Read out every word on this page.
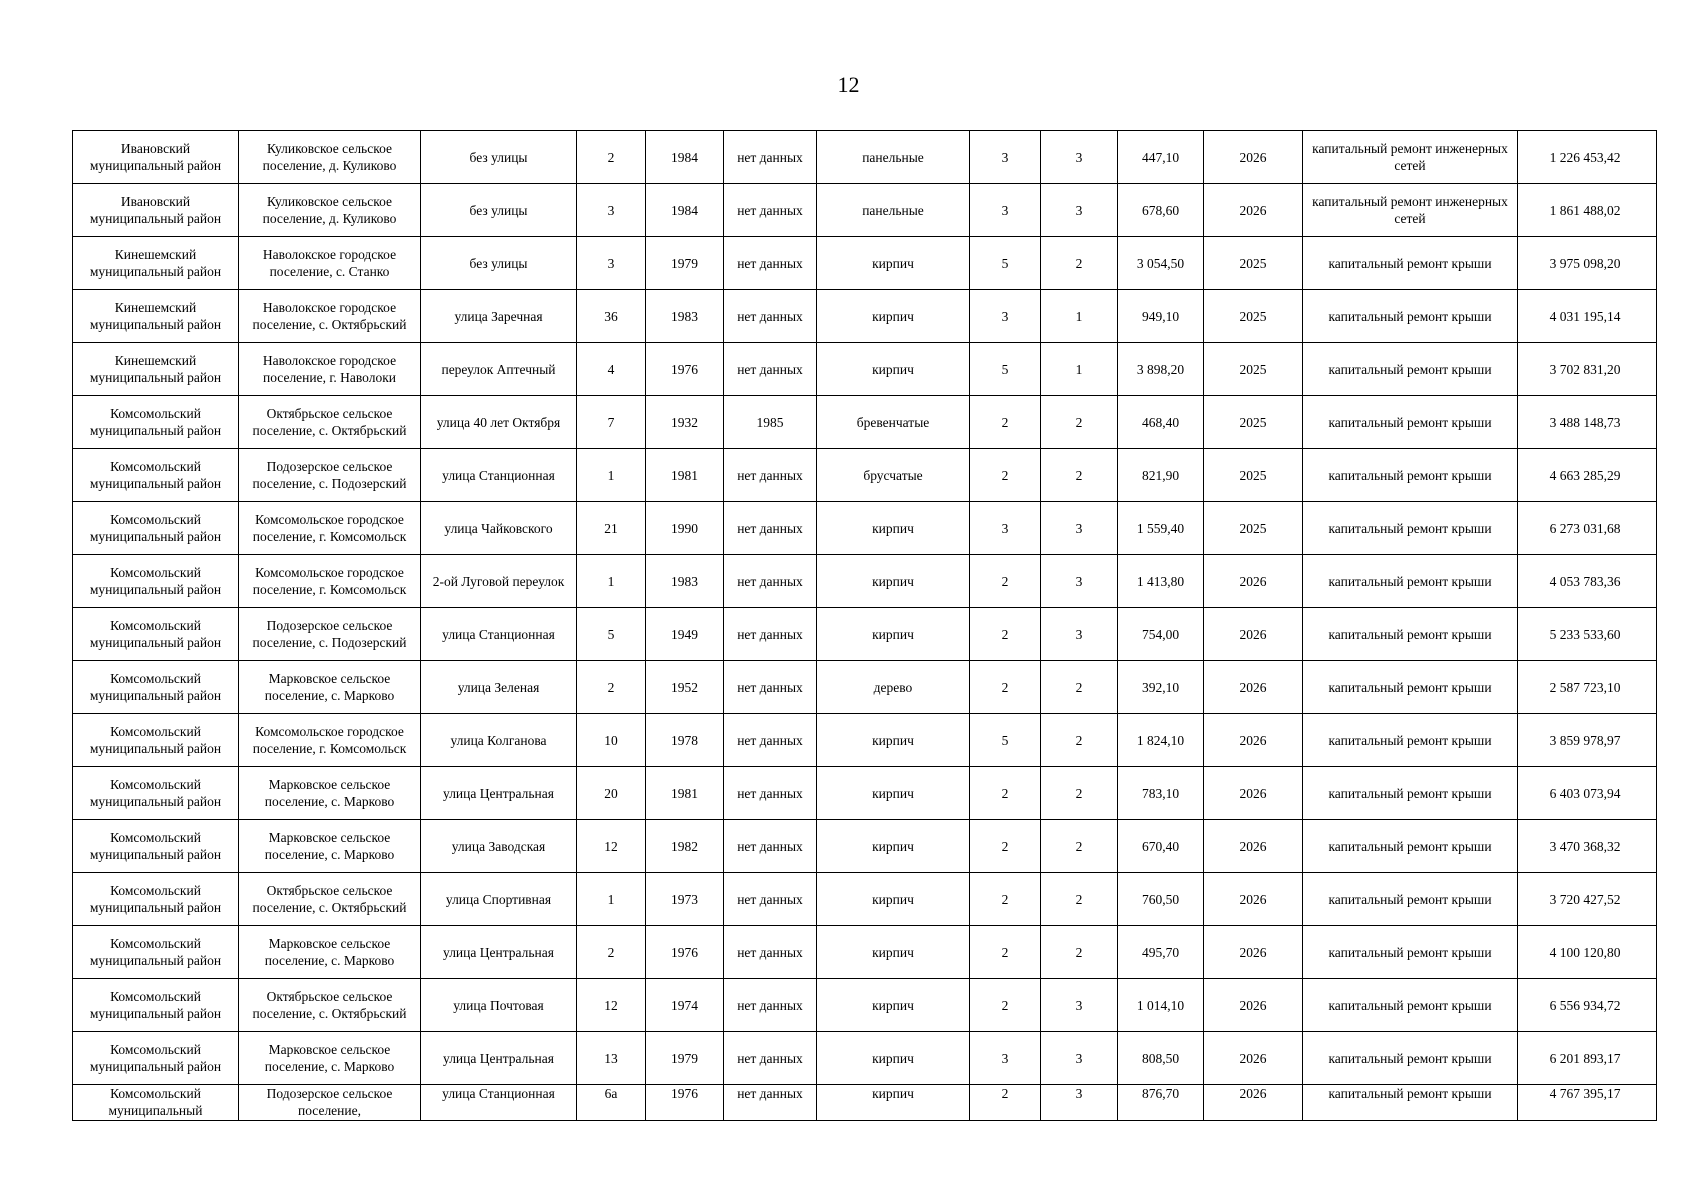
12
Ивановский муниципальный район	Куликовское сельское поселение, д. Куликово	без улицы	2	1984	нет данных	панельные	3	3	447,10	2026	капитальный ремонт инженерных сетей	1 226 453,42
Ивановский муниципальный район	Куликовское сельское поселение, д. Куликово	без улицы	3	1984	нет данных	панельные	3	3	678,60	2026	капитальный ремонт инженерных сетей	1 861 488,02
Кинешемский муниципальный район	Наволокское городское поселение, с. Станко	без улицы	3	1979	нет данных	кирпич	5	2	3 054,50	2025	капитальный ремонт крыши	3 975 098,20
Кинешемский муниципальный район	Наволокское городское поселение, с. Октябрьский	улица Заречная	36	1983	нет данных	кирпич	3	1	949,10	2025	капитальный ремонт крыши	4 031 195,14
Кинешемский муниципальный район	Наволокское городское поселение, г. Наволоки	переулок Аптечный	4	1976	нет данных	кирпич	5	1	3 898,20	2025	капитальный ремонт крыши	3 702 831,20
Комсомольский муниципальный район	Октябрьское сельское поселение, с. Октябрьский	улица 40 лет Октября	7	1932	1985	бревенчатые	2	2	468,40	2025	капитальный ремонт крыши	3 488 148,73
Комсомольский муниципальный район	Подозерское сельское поселение, с. Подозерский	улица Станционная	1	1981	нет данных	брусчатые	2	2	821,90	2025	капитальный ремонт крыши	4 663 285,29
Комсомольский муниципальный район	Комсомольское городское поселение, г. Комсомольск	улица Чайковского	21	1990	нет данных	кирпич	3	3	1 559,40	2025	капитальный ремонт крыши	6 273 031,68
Комсомольский муниципальный район	Комсомольское городское поселение, г. Комсомольск	2-ой Луговой переулок	1	1983	нет данных	кирпич	2	3	1 413,80	2026	капитальный ремонт крыши	4 053 783,36
Комсомольский муниципальный район	Подозерское сельское поселение, с. Подозерский	улица Станционная	5	1949	нет данных	кирпич	2	3	754,00	2026	капитальный ремонт крыши	5 233 533,60
Комсомольский муниципальный район	Марковское сельское поселение, с. Марково	улица Зеленая	2	1952	нет данных	дерево	2	2	392,10	2026	капитальный ремонт крыши	2 587 723,10
Комсомольский муниципальный район	Комсомольское городское поселение, г. Комсомольск	улица Колганова	10	1978	нет данных	кирпич	5	2	1 824,10	2026	капитальный ремонт крыши	3 859 978,97
Комсомольский муниципальный район	Марковское сельское поселение, с. Марково	улица Центральная	20	1981	нет данных	кирпич	2	2	783,10	2026	капитальный ремонт крыши	6 403 073,94
Комсомольский муниципальный район	Марковское сельское поселение, с. Марково	улица Заводская	12	1982	нет данных	кирпич	2	2	670,40	2026	капитальный ремонт крыши	3 470 368,32
Комсомольский муниципальный район	Октябрьское сельское поселение, с. Октябрьский	улица Спортивная	1	1973	нет данных	кирпич	2	2	760,50	2026	капитальный ремонт крыши	3 720 427,52
Комсомольский муниципальный район	Марковское сельское поселение, с. Марково	улица Центральная	2	1976	нет данных	кирпич	2	2	495,70	2026	капитальный ремонт крыши	4 100 120,80
Комсомольский муниципальный район	Октябрьское сельское поселение, с. Октябрьский	улица Почтовая	12	1974	нет данных	кирпич	2	3	1 014,10	2026	капитальный ремонт крыши	6 556 934,72
Комсомольский муниципальный район	Марковское сельское поселение, с. Марково	улица Центральная	13	1979	нет данных	кирпич	3	3	808,50	2026	капитальный ремонт крыши	6 201 893,17
Комсомольский муниципальный	Подозерское сельское поселение,	улица Станционная	6а	1976	нет данных	кирпич	2	3	876,70	2026	капитальный ремонт крыши	4 767 395,17
